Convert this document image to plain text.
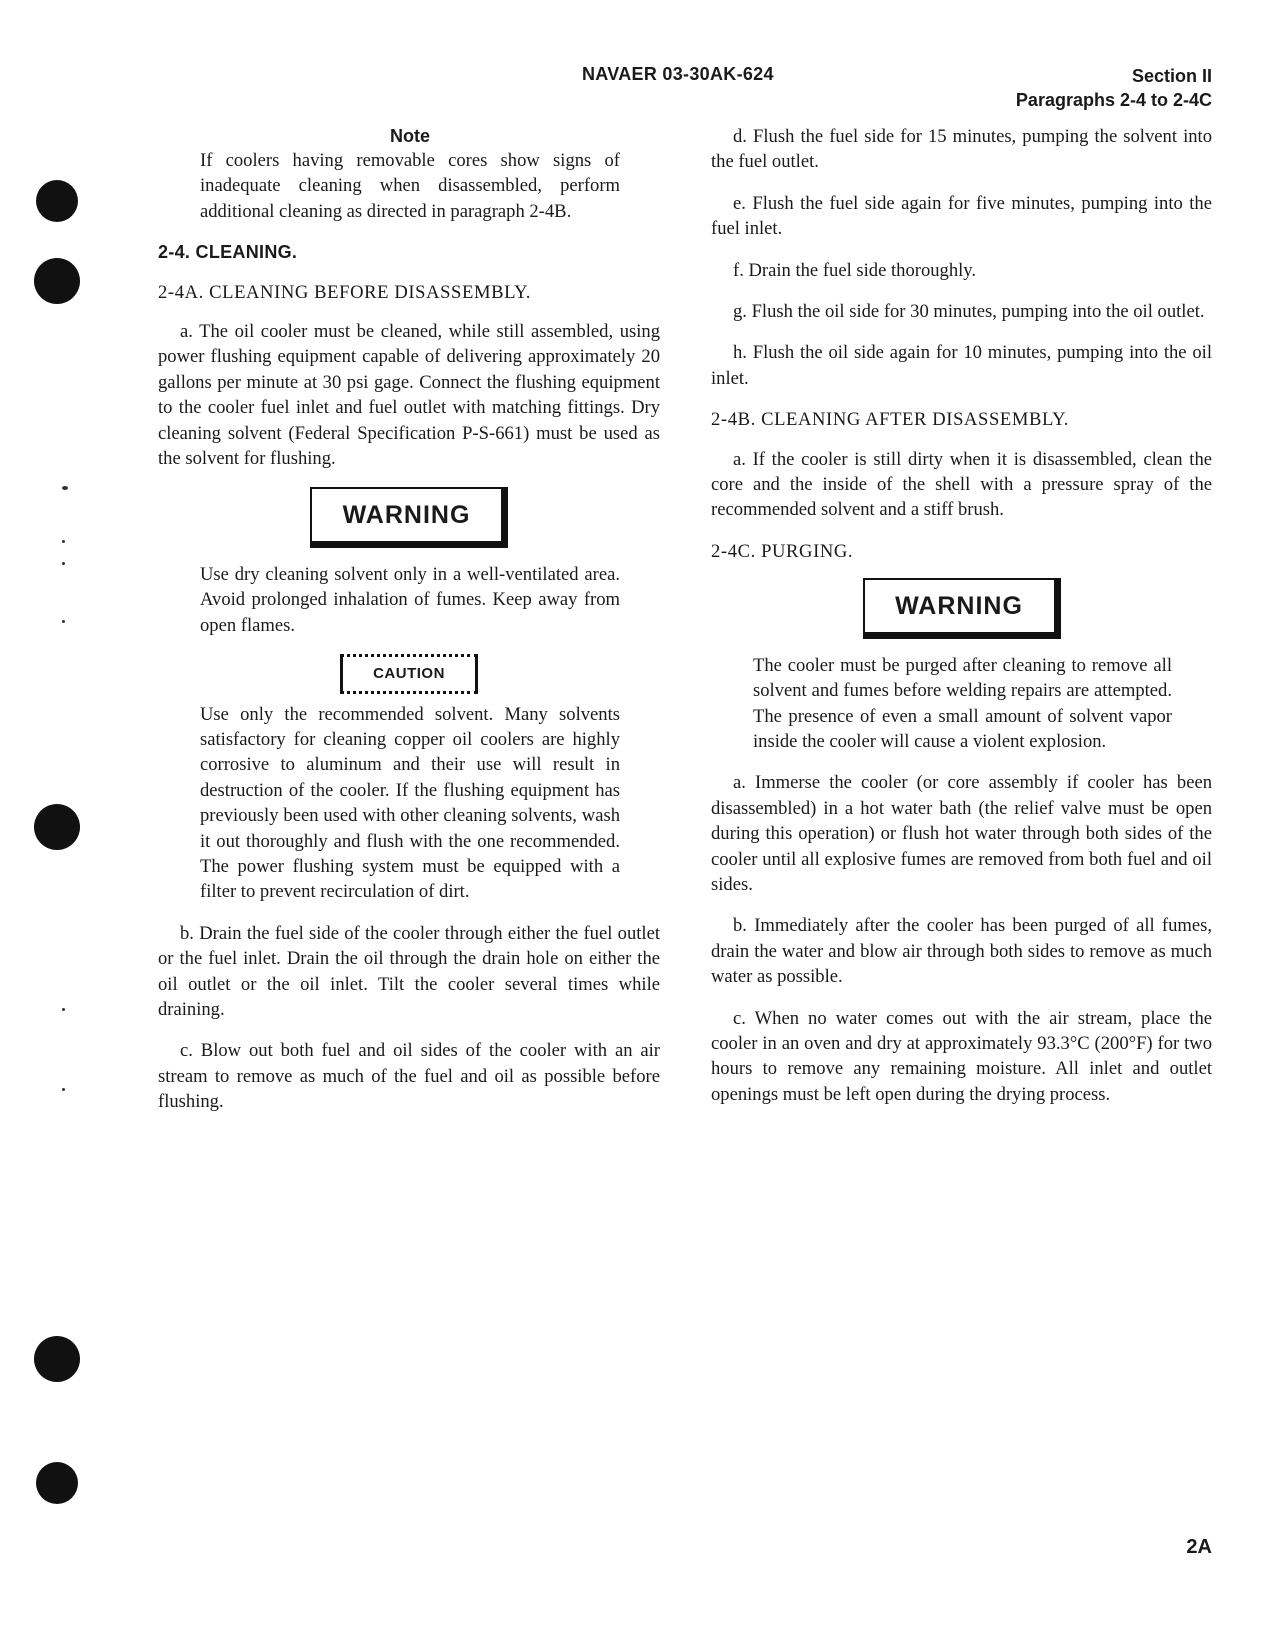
NAVAER 03-30AK-624	Section II
Paragraphs 2-4 to 2-4C
Note
If coolers having removable cores show signs of inadequate cleaning when disassembled, perform additional cleaning as directed in paragraph 2-4B.
2-4. CLEANING.
2-4A. CLEANING BEFORE DISASSEMBLY.
a. The oil cooler must be cleaned, while still assembled, using power flushing equipment capable of delivering approximately 20 gallons per minute at 30 psi gage. Connect the flushing equipment to the cooler fuel inlet and fuel outlet with matching fittings. Dry cleaning solvent (Federal Specification P-S-661) must be used as the solvent for flushing.
WARNING
Use dry cleaning solvent only in a well-ventilated area. Avoid prolonged inhalation of fumes. Keep away from open flames.
CAUTION
Use only the recommended solvent. Many solvents satisfactory for cleaning copper oil coolers are highly corrosive to aluminum and their use will result in destruction of the cooler. If the flushing equipment has previously been used with other cleaning solvents, wash it out thoroughly and flush with the one recommended. The power flushing system must be equipped with a filter to prevent recirculation of dirt.
b. Drain the fuel side of the cooler through either the fuel outlet or the fuel inlet. Drain the oil through the drain hole on either the oil outlet or the oil inlet. Tilt the cooler several times while draining.
c. Blow out both fuel and oil sides of the cooler with an air stream to remove as much of the fuel and oil as possible before flushing.
d. Flush the fuel side for 15 minutes, pumping the solvent into the fuel outlet.
e. Flush the fuel side again for five minutes, pumping into the fuel inlet.
f. Drain the fuel side thoroughly.
g. Flush the oil side for 30 minutes, pumping into the oil outlet.
h. Flush the oil side again for 10 minutes, pumping into the oil inlet.
2-4B. CLEANING AFTER DISASSEMBLY.
a. If the cooler is still dirty when it is disassembled, clean the core and the inside of the shell with a pressure spray of the recommended solvent and a stiff brush.
2-4C. PURGING.
WARNING
The cooler must be purged after cleaning to remove all solvent and fumes before welding repairs are attempted. The presence of even a small amount of solvent vapor inside the cooler will cause a violent explosion.
a. Immerse the cooler (or core assembly if cooler has been disassembled) in a hot water bath (the relief valve must be open during this operation) or flush hot water through both sides of the cooler until all explosive fumes are removed from both fuel and oil sides.
b. Immediately after the cooler has been purged of all fumes, drain the water and blow air through both sides to remove as much water as possible.
c. When no water comes out with the air stream, place the cooler in an oven and dry at approximately 93.3°C (200°F) for two hours to remove any remaining moisture. All inlet and outlet openings must be left open during the drying process.
2A
